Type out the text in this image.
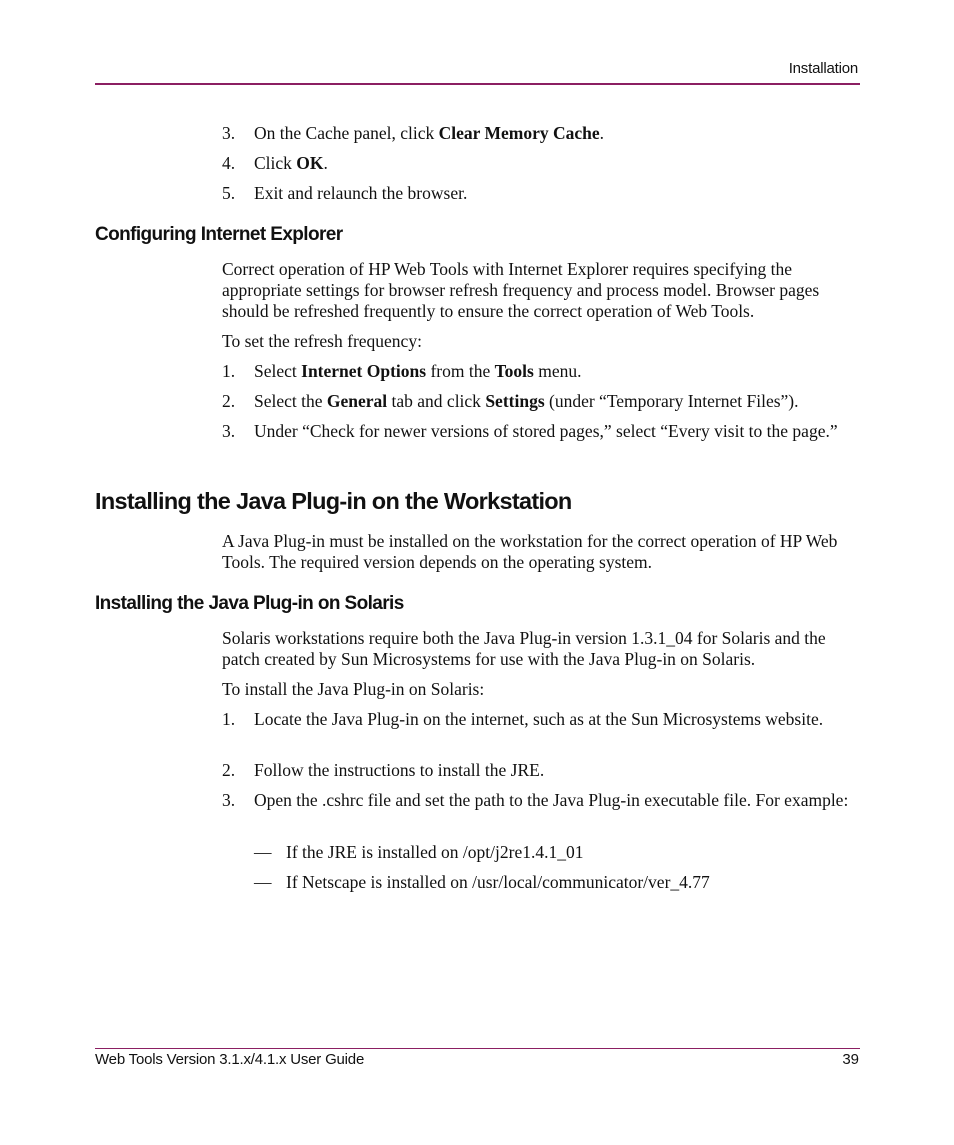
Installation
3. On the Cache panel, click Clear Memory Cache.
4. Click OK.
5. Exit and relaunch the browser.
Configuring Internet Explorer
Correct operation of HP Web Tools with Internet Explorer requires specifying the appropriate settings for browser refresh frequency and process model. Browser pages should be refreshed frequently to ensure the correct operation of Web Tools.
To set the refresh frequency:
1. Select Internet Options from the Tools menu.
2. Select the General tab and click Settings (under “Temporary Internet Files”).
3. Under “Check for newer versions of stored pages,” select “Every visit to the page.”
Installing the Java Plug-in on the Workstation
A Java Plug-in must be installed on the workstation for the correct operation of HP Web Tools. The required version depends on the operating system.
Installing the Java Plug-in on Solaris
Solaris workstations require both the Java Plug-in version 1.3.1_04 for Solaris and the patch created by Sun Microsystems for use with the Java Plug-in on Solaris.
To install the Java Plug-in on Solaris:
1. Locate the Java Plug-in on the internet, such as at the Sun Microsystems website.
2. Follow the instructions to install the JRE.
3. Open the .cshrc file and set the path to the Java Plug-in executable file. For example:
— If the JRE is installed on /opt/j2re1.4.1_01
— If Netscape is installed on /usr/local/communicator/ver_4.77
Web Tools Version 3.1.x/4.1.x User Guide	39
